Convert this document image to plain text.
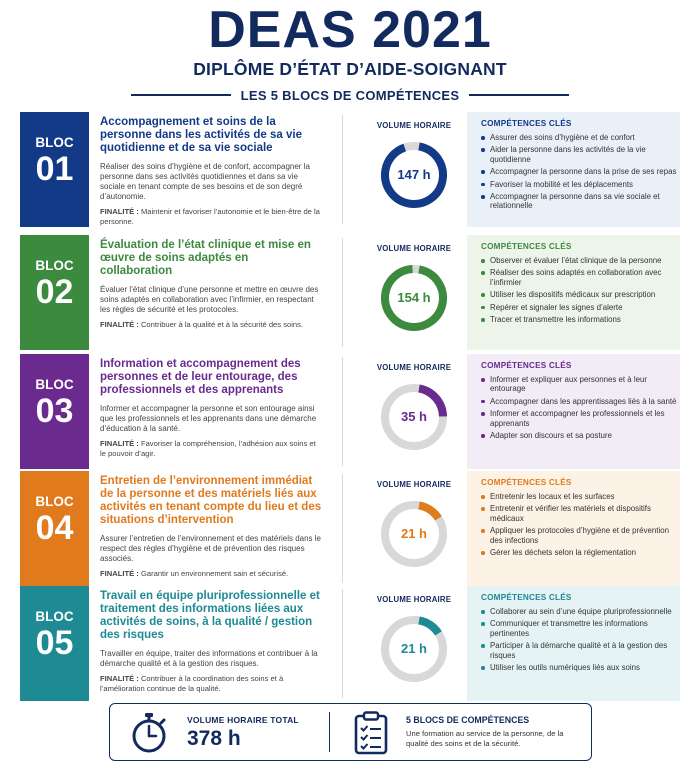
DEAS 2021
DIPLÔME D’ÉTAT D’AIDE-SOIGNANT
LES 5 BLOCS DE COMPÉTENCES
BLOC
01
Accompagnement et soins de la personne dans les activités de sa vie quotidienne et de sa vie sociale
Réaliser des soins d’hygiène et de confort, accompagner la personne dans ses activités quotidiennes et dans sa vie sociale en tenant compte de ses besoins et de son degré d’autonomie.
FINALITÉ : Maintenir et favoriser l’autonomie et le bien-être de la personne.
VOLUME HORAIRE
147 h
COMPÉTENCES CLÉS
Assurer des soins d’hygiène et de confort
Aider la personne dans les activités de la vie quotidienne
Accompagner la personne dans la prise de ses repas
Favoriser la mobilité et les déplacements
Accompagner la personne dans sa vie sociale et relationnelle
BLOC
02
Évaluation de l’état clinique et mise en œuvre de soins adaptés en collaboration
Évaluer l’état clinique d’une personne et mettre en œuvre des soins adaptés en collaboration avec l’infirmier, en respectant les règles de sécurité et les protocoles.
FINALITÉ : Contribuer à la qualité et à la sécurité des soins.
VOLUME HORAIRE
154 h
COMPÉTENCES CLÉS
Observer et évaluer l’état clinique de la personne
Réaliser des soins adaptés en collaboration avec l’infirmier
Utiliser les dispositifs médicaux sur prescription
Repérer et signaler les signes d’alerte
Tracer et transmettre les informations
BLOC
03
Information et accompagnement des personnes et de leur entourage, des professionnels et des apprenants
Informer et accompagner la personne et son entourage ainsi que les professionnels et les apprenants dans une démarche d’éducation à la santé.
FINALITÉ : Favoriser la compréhension, l’adhésion aux soins et le pouvoir d’agir.
VOLUME HORAIRE
35 h
COMPÉTENCES CLÉS
Informer et expliquer aux personnes et à leur entourage
Accompagner dans les apprentissages liés à la santé
Informer et accompagner les professionnels et les apprenants
Adapter son discours et sa posture
BLOC
04
Entretien de l’environnement immédiat de la personne et des matériels liés aux activités en tenant compte du lieu et des situations d’intervention
Assurer l’entretien de l’environnement et des matériels dans le respect des règles d’hygiène et de prévention des risques associés.
FINALITÉ : Garantir un environnement sain et sécurisé.
VOLUME HORAIRE
21 h
COMPÉTENCES CLÉS
Entretenir les locaux et les surfaces
Entretenir et vérifier les matériels et dispositifs médicaux
Appliquer les protocoles d’hygiène et de prévention des infections
Gérer les déchets selon la réglementation
BLOC
05
Travail en équipe pluriprofessionnelle et traitement des informations liées aux activités de soins, à la qualité / gestion des risques
Travailler en équipe, traiter des informations et contribuer à la démarche qualité et à la gestion des risques.
FINALITÉ : Contribuer à la coordination des soins et à l’amélioration continue de la qualité.
VOLUME HORAIRE
21 h
COMPÉTENCES CLÉS
Collaborer au sein d’une équipe pluriprofessionnelle
Communiquer et transmettre les informations pertinentes
Participer à la démarche qualité et à la gestion des risques
Utiliser les outils numériques liés aux soins
VOLUME HORAIRE TOTAL
378 h
5 BLOCS DE COMPÉTENCES
Une formation au service de la personne, de la qualité des soins et de la sécurité.
